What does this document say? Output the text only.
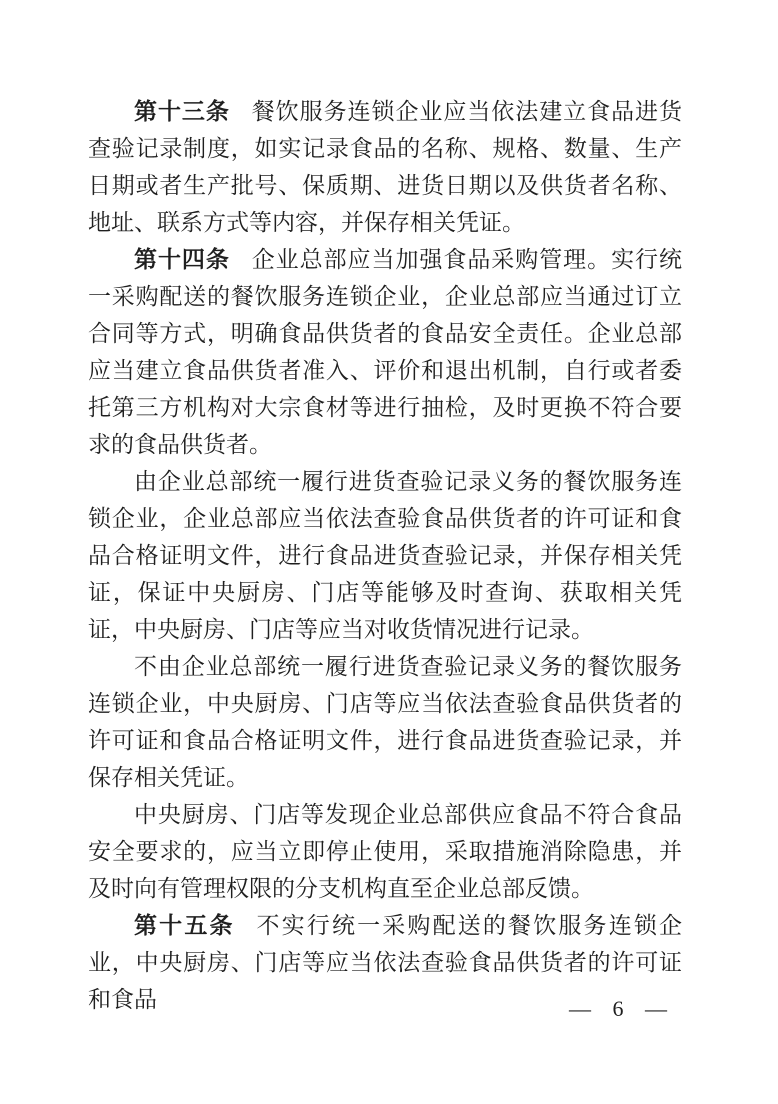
第十三条 餐饮服务连锁企业应当依法建立食品进货查验记录制度，如实记录食品的名称、规格、数量、生产日期或者生产批号、保质期、进货日期以及供货者名称、地址、联系方式等内容，并保存相关凭证。

第十四条 企业总部应当加强食品采购管理。实行统一采购配送的餐饮服务连锁企业，企业总部应当通过订立合同等方式，明确食品供货者的食品安全责任。企业总部应当建立食品供货者准入、评价和退出机制，自行或者委托第三方机构对大宗食材等进行抽检，及时更换不符合要求的食品供货者。

由企业总部统一履行进货查验记录义务的餐饮服务连锁企业，企业总部应当依法查验食品供货者的许可证和食品合格证明文件，进行食品进货查验记录，并保存相关凭证，保证中央厨房、门店等能够及时查询、获取相关凭证，中央厨房、门店等应当对收货情况进行记录。

不由企业总部统一履行进货查验记录义务的餐饮服务连锁企业，中央厨房、门店等应当依法查验食品供货者的许可证和食品合格证明文件，进行食品进货查验记录，并保存相关凭证。

中央厨房、门店等发现企业总部供应食品不符合食品安全要求的，应当立即停止使用，采取措施消除隐患，并及时向有管理权限的分支机构直至企业总部反馈。

第十五条 不实行统一采购配送的餐饮服务连锁企业，中央厨房、门店等应当依法查验食品供货者的许可证和食品	— 6 —
